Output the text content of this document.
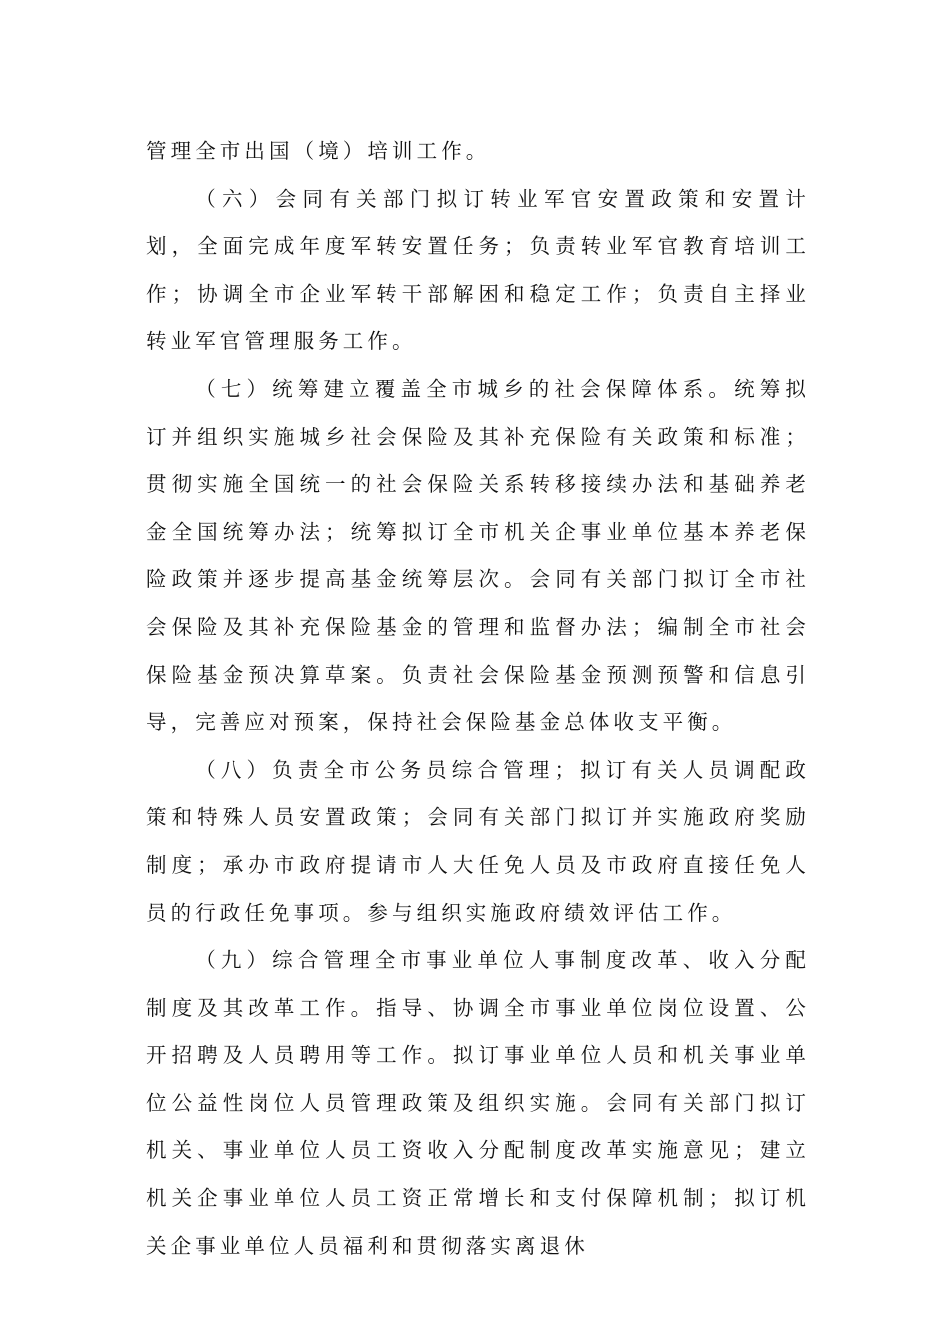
管理全市出国（境）培训工作。

（六）会同有关部门拟订转业军官安置政策和安置计划，全面完成年度军转安置任务；负责转业军官教育培训工作；协调全市企业军转干部解困和稳定工作；负责自主择业转业军官管理服务工作。

（七）统筹建立覆盖全市城乡的社会保障体系。统筹拟订并组织实施城乡社会保险及其补充保险有关政策和标准；贯彻实施全国统一的社会保险关系转移接续办法和基础养老金全国统筹办法；统筹拟订全市机关企事业单位基本养老保险政策并逐步提高基金统筹层次。会同有关部门拟订全市社会保险及其补充保险基金的管理和监督办法；编制全市社会保险基金预决算草案。负责社会保险基金预测预警和信息引导，完善应对预案，保持社会保险基金总体收支平衡。

（八）负责全市公务员综合管理；拟订有关人员调配政策和特殊人员安置政策；会同有关部门拟订并实施政府奖励制度；承办市政府提请市人大任免人员及市政府直接任免人员的行政任免事项。参与组织实施政府绩效评估工作。

（九）综合管理全市事业单位人事制度改革、收入分配制度及其改革工作。指导、协调全市事业单位岗位设置、公开招聘及人员聘用等工作。拟订事业单位人员和机关事业单位公益性岗位人员管理政策及组织实施。会同有关部门拟订机关、事业单位人员工资收入分配制度改革实施意见；建立机关企事业单位人员工资正常增长和支付保障机制；拟订机关企事业单位人员福利和贯彻落实离退休
